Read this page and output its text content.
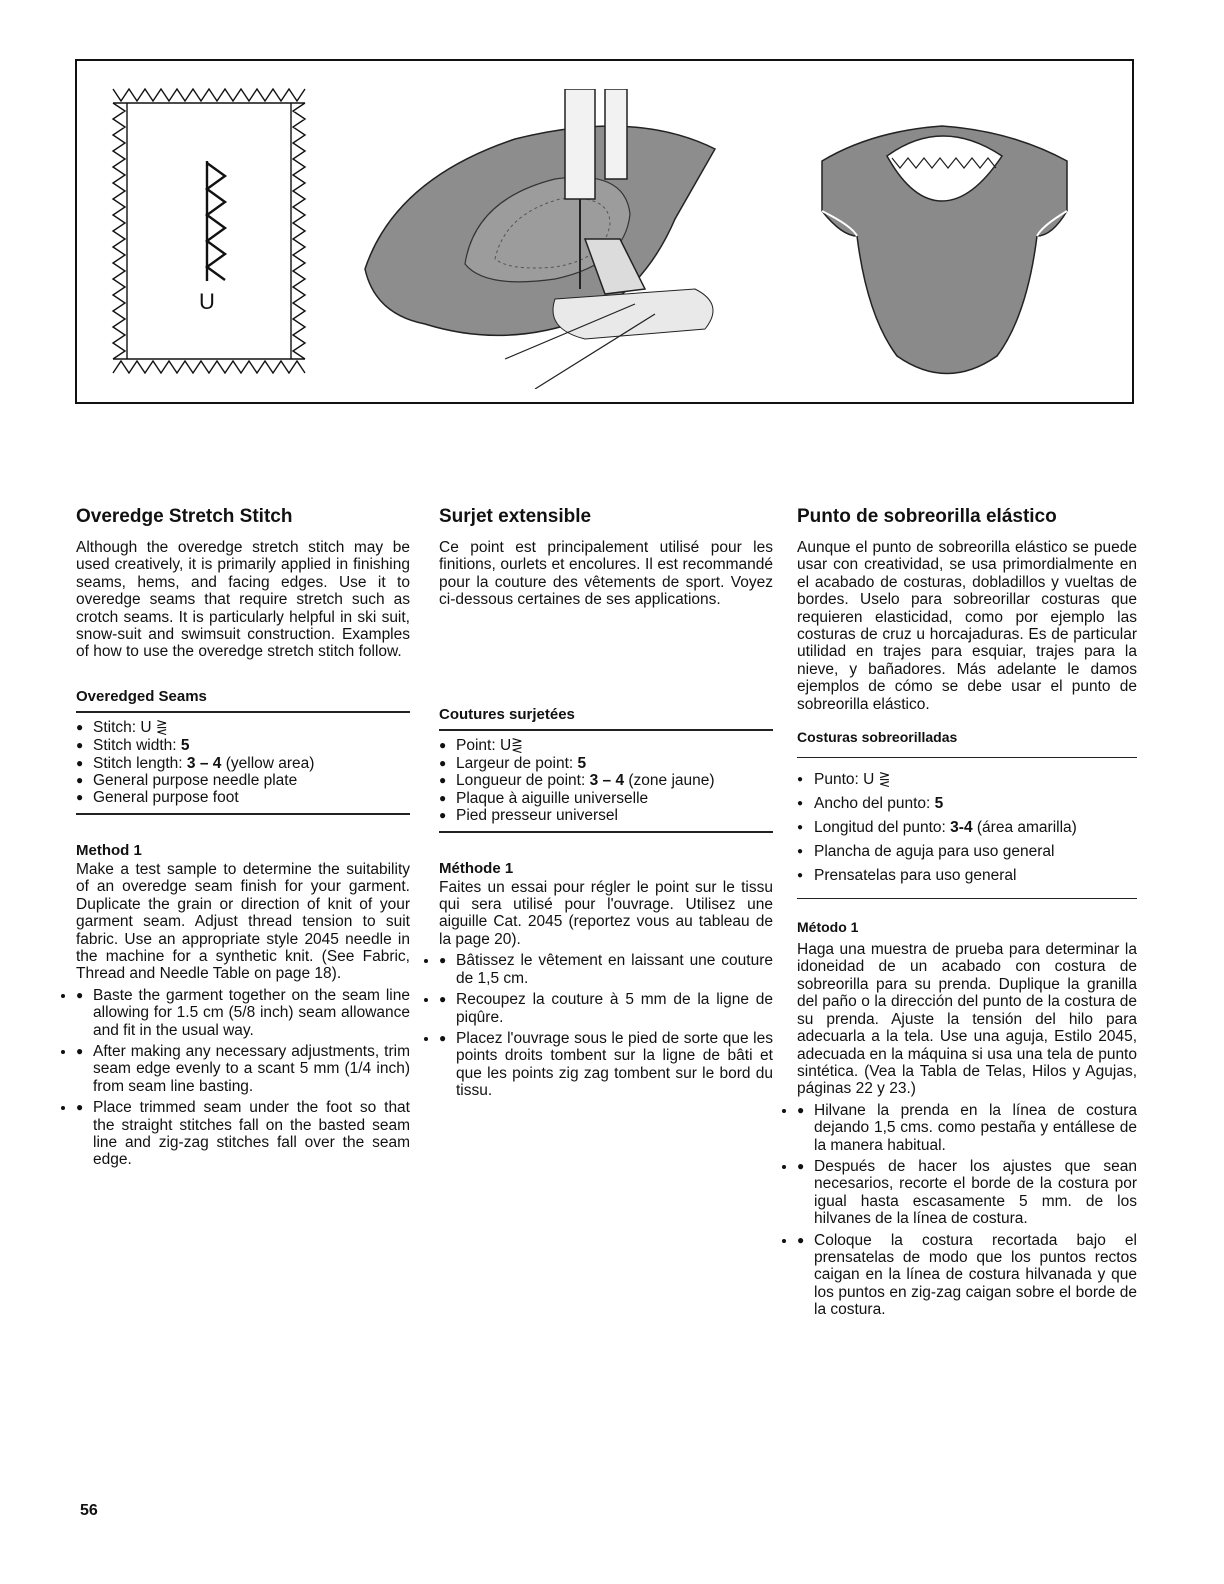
U
Overedge Stretch Stitch

Although the overedge stretch stitch may be used creatively, it is primarily applied in finishing seams, hems, and facing edges. Use it to overedge seams that require stretch such as crotch seams. It is particularly helpful in ski suit, snow-suit and swimsuit construction. Examples of how to use the overedge stretch stitch follow.

Overedged Seams
● Stitch: U ⋛
● Stitch width: 5
● Stitch length: 3 – 4 (yellow area)
● General purpose needle plate
● General purpose foot
Method 1

Make a test sample to determine the suitability of an overedge seam finish for your garment. Duplicate the grain or direction of knit of your garment seam. Adjust thread tension to suit fabric. Use an appropriate style 2045 needle in the machine for a synthetic knit. (See Fabric, Thread and Needle Table on page 18).

● • Baste the garment together on the seam line allowing for 1.5 cm (5/8 inch) seam allowance and fit in the usual way.
● • After making any necessary adjustments, trim seam edge evenly to a scant 5 mm (1/4 inch) from seam line basting.
● • Place trimmed seam under the foot so that the straight stitches fall on the basted seam line and zig-zag stitches fall over the seam edge.
Surjet extensible

Ce point est principalement utilisé pour les finitions, ourlets et encolures. Il est recommandé pour la couture des vêtements de sport. Voyez ci-dessous certaines de ses applications.

Coutures surjetées
● Point: U⋛
● Largeur de point: 5
● Longueur de point: 3 – 4 (zone jaune)
● Plaque à aiguille universelle
● Pied presseur universel
Méthode 1

Faites un essai pour régler le point sur le tissu qui sera utilisé pour l'ouvrage. Utilisez une aiguille Cat. 2045 (reportez vous au tableau de la page 20).

● • Bâtissez le vêtement en laissant une couture de 1,5 cm.
● • Recoupez la couture à 5 mm de la ligne de piqûre.
● • Placez l'ouvrage sous le pied de sorte que les points droits tombent sur la ligne de bâti et que les points zig zag tombent sur le bord du tissu.
Punto de sobreorilla elástico

Aunque el punto de sobreorilla elástico se puede usar con creatividad, se usa primordialmente en el acabado de costuras, dobladillos y vueltas de bordes. Uselo para sobreorillar costuras que requieren elasticidad, como por ejemplo las costuras de cruz u horcajaduras. Es de particular utilidad en trajes para esquiar, trajes para la nieve, y bañadores. Más adelante le damos ejemplos de cómo se debe usar el punto de sobreorilla elástico.

Costuras sobreorilladas
● Punto: U ⋛
● Ancho del punto: 5
● Longitud del punto: 3-4 (área amarilla)
● Plancha de aguja para uso general
● Prensatelas para uso general
Método 1

Haga una muestra de prueba para determinar la idoneidad de un acabado con costura de sobreorilla para su prenda. Duplique la granilla del paño o la dirección del punto de la costura de su prenda. Ajuste la tensión del hilo para adecuarla a la tela. Use una aguja, Estilo 2045, adecuada en la máquina si usa una tela de punto sintética. (Vea la Tabla de Telas, Hilos y Agujas, páginas 22 y 23.)

● • Hilvane la prenda en la línea de costura dejando 1,5 cms. como pestaña y entállese de la manera habitual.
● • Después de hacer los ajustes que sean necesarios, recorte el borde de la costura por igual hasta escasamente 5 mm. de los hilvanes de la línea de costura.
● • Coloque la costura recortada bajo el prensatelas de modo que los puntos rectos caigan en la línea de costura hilvanada y que los puntos en zig-zag caigan sobre el borde de la costura.
56
